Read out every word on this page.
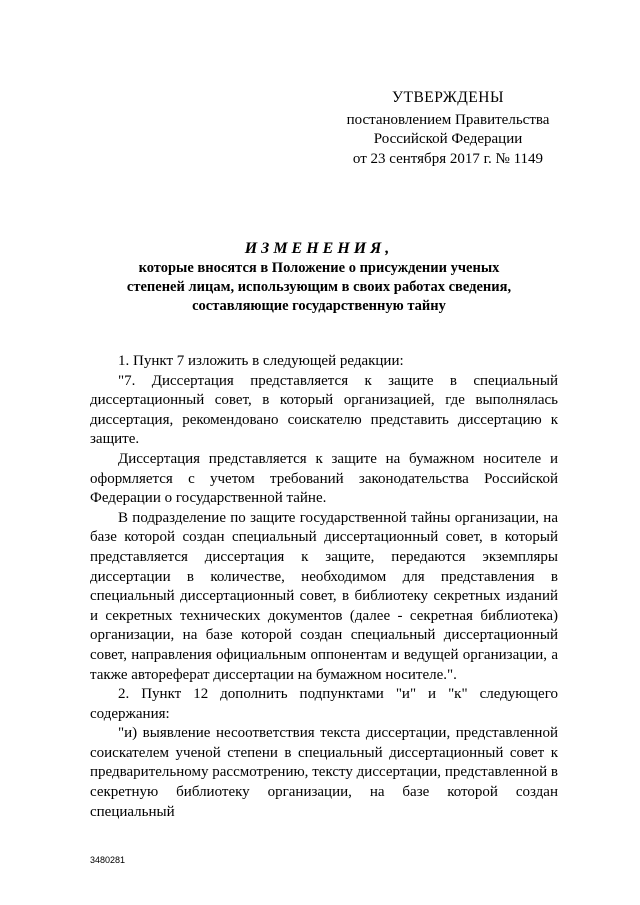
УТВЕРЖДЕНЫ
постановлением Правительства
Российской Федерации
от 23 сентября 2017 г. № 1149
ИЗМЕНЕНИЯ,
которые вносятся в Положение о присуждении ученых
степеней лицам, использующим в своих работах сведения,
составляющие государственную тайну

1. Пункт 7 изложить в следующей редакции:

"7. Диссертация представляется к защите в специальный диссертационный совет, в который организацией, где выполнялась диссертация, рекомендовано соискателю представить диссертацию к защите.

Диссертация представляется к защите на бумажном носителе и оформляется с учетом требований законодательства Российской Федерации о государственной тайне.

В подразделение по защите государственной тайны организации, на базе которой создан специальный диссертационный совет, в который представляется диссертация к защите, передаются экземпляры диссертации в количестве, необходимом для представления в специальный диссертационный совет, в библиотеку секретных изданий и секретных технических документов (далее - секретная библиотека) организации, на базе которой создан специальный диссертационный совет, направления официальным оппонентам и ведущей организации, а также автореферат диссертации на бумажном носителе.".

2. Пункт 12 дополнить подпунктами "и" и "к" следующего содержания:

"и) выявление несоответствия текста диссертации, представленной соискателем ученой степени в специальный диссертационный совет к предварительному рассмотрению, тексту диссертации, представленной в секретную библиотеку организации, на базе которой создан специальный

3480281
